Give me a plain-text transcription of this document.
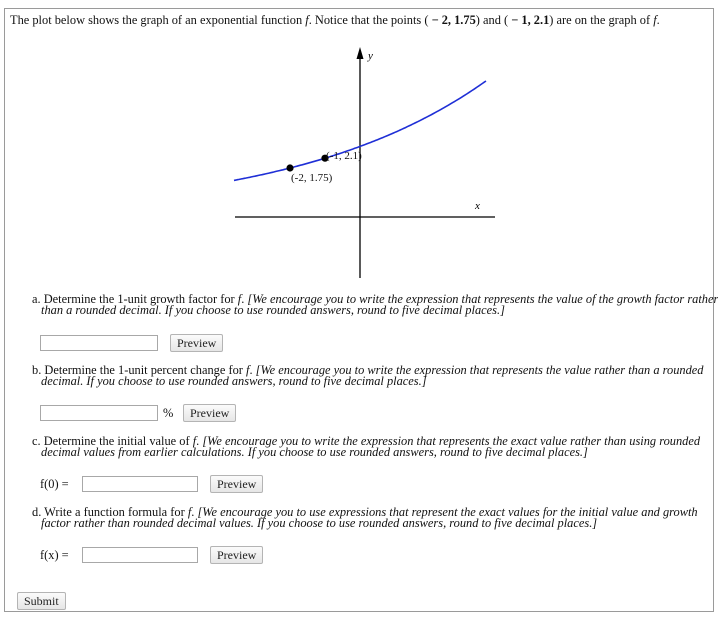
The plot below shows the graph of an exponential function f. Notice that the points ( − 2, 1.75) and ( − 1, 2.1) are on the graph of f.
y
x
(-2, 1.75)
(-1, 2.1)
a. Determine the 1-unit growth factor for f. [We encourage you to write the expression that represents the value of the growth factor rather
than a rounded decimal. If you choose to use rounded answers, round to five decimal places.]
Preview
b. Determine the 1-unit percent change for f. [We encourage you to write the expression that represents the value rather than a rounded
decimal. If you choose to use rounded answers, round to five decimal places.]
%	Preview
c. Determine the initial value of f. [We encourage you to write the expression that represents the exact value rather than using rounded
decimal values from earlier calculations. If you choose to use rounded answers, round to five decimal places.]
f(0) =	Preview
d. Write a function formula for f. [We encourage you to use expressions that represent the exact values for the initial value and growth
factor rather than rounded decimal values. If you choose to use rounded answers, round to five decimal places.]
f(x) =	Preview
Submit
